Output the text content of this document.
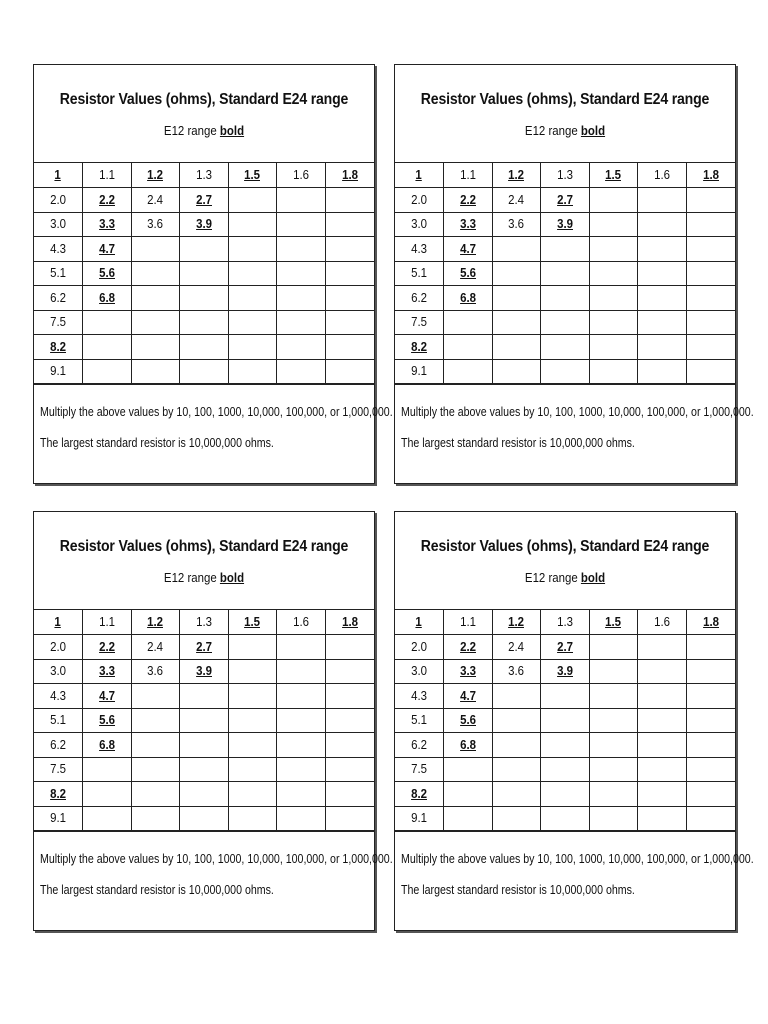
Resistor Values (ohms), Standard E24 range
E12 range bold
1	1.1	1.2	1.3	1.5	1.6	1.8
2.0	2.2	2.4	2.7			
3.0	3.3	3.6	3.9			
4.3	4.7					
5.1	5.6					
6.2	6.8					
7.5						
8.2						
9.1						
Multiply the above values by 10, 100, 1000, 10,000, 100,000, or 1,000,000.
The largest standard resistor is 10,000,000 ohms.
Resistor Values (ohms), Standard E24 range
E12 range bold
1	1.1	1.2	1.3	1.5	1.6	1.8
2.0	2.2	2.4	2.7			
3.0	3.3	3.6	3.9			
4.3	4.7					
5.1	5.6					
6.2	6.8					
7.5						
8.2						
9.1						
Multiply the above values by 10, 100, 1000, 10,000, 100,000, or 1,000,000.
The largest standard resistor is 10,000,000 ohms.
Resistor Values (ohms), Standard E24 range
E12 range bold
1	1.1	1.2	1.3	1.5	1.6	1.8
2.0	2.2	2.4	2.7			
3.0	3.3	3.6	3.9			
4.3	4.7					
5.1	5.6					
6.2	6.8					
7.5						
8.2						
9.1						
Multiply the above values by 10, 100, 1000, 10,000, 100,000, or 1,000,000.
The largest standard resistor is 10,000,000 ohms.
Resistor Values (ohms), Standard E24 range
E12 range bold
1	1.1	1.2	1.3	1.5	1.6	1.8
2.0	2.2	2.4	2.7			
3.0	3.3	3.6	3.9			
4.3	4.7					
5.1	5.6					
6.2	6.8					
7.5						
8.2						
9.1						
Multiply the above values by 10, 100, 1000, 10,000, 100,000, or 1,000,000.
The largest standard resistor is 10,000,000 ohms.
